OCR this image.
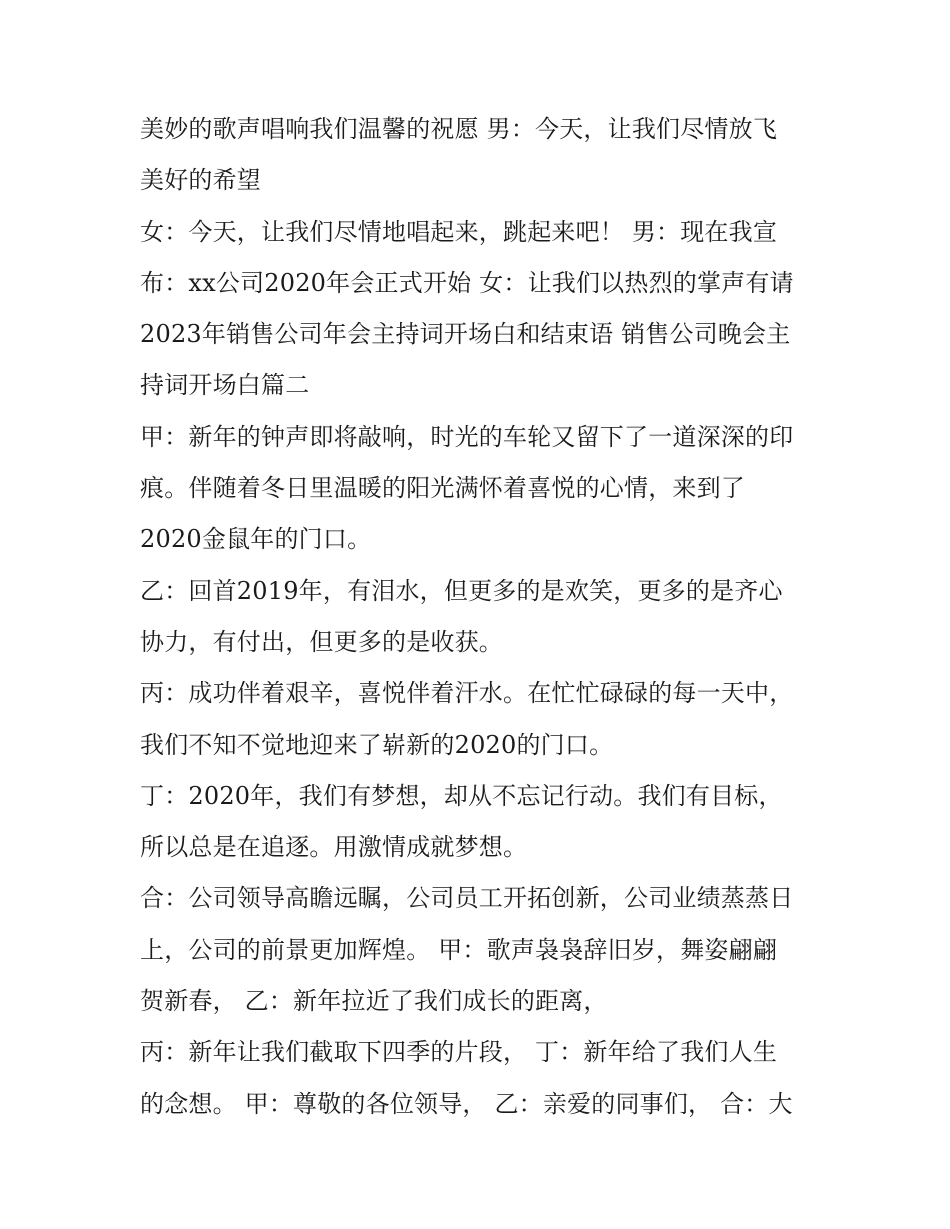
美妙的歌声唱响我们温馨的祝愿 男：今天，让我们尽情放飞
美好的希望
女：今天，让我们尽情地唱起来，跳起来吧！ 男：现在我宣
布：xx公司2020年会正式开始 女：让我们以热烈的掌声有请
2023年销售公司年会主持词开场白和结束语 销售公司晚会主
持词开场白篇二
甲：新年的钟声即将敲响，时光的车轮又留下了一道深深的印
痕。伴随着冬日里温暖的阳光满怀着喜悦的心情，来到了
2020金鼠年的门口。
乙：回首2019年，有泪水，但更多的是欢笑，更多的是齐心
协力，有付出，但更多的是收获。
丙：成功伴着艰辛，喜悦伴着汗水。在忙忙碌碌的每一天中，
我们不知不觉地迎来了崭新的2020的门口。
丁：2020年，我们有梦想，却从不忘记行动。我们有目标，
所以总是在追逐。用激情成就梦想。
合：公司领导高瞻远瞩，公司员工开拓创新，公司业绩蒸蒸日
上，公司的前景更加辉煌。 甲：歌声袅袅辞旧岁，舞姿翩翩
贺新春， 乙：新年拉近了我们成长的距离，
丙：新年让我们截取下四季的片段， 丁：新年给了我们人生
的念想。 甲：尊敬的各位领导， 乙：亲爱的同事们， 合：大
